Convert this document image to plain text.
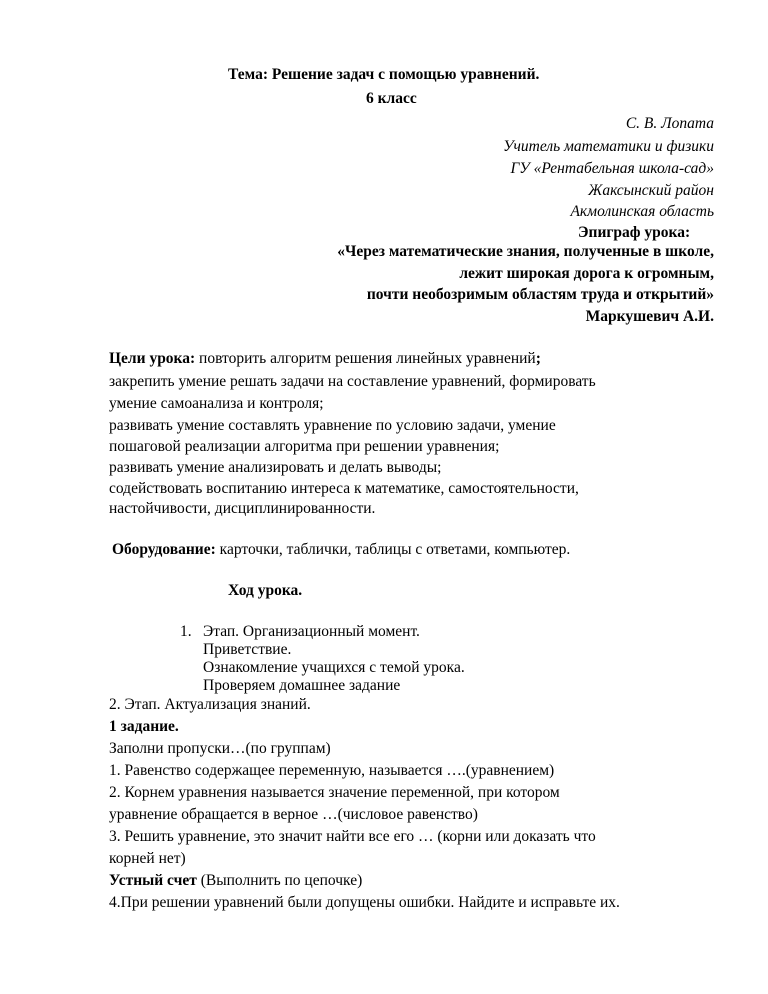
Тема: Решение задач с помощью уравнений.
6 класс
С. В. Лопата
Учитель математики и физики
ГУ «Рентабельная школа-сад»
Жаксынский район
Акмолинская область
Эпиграф урока:
«Через математические знания, полученные в школе,
лежит широкая дорога к огромным,
почти необозримым областям труда и открытий»
Маркушевич А.И.
Цели урока: повторить алгоритм решения линейных уравнений;
закрепить умение решать задачи на составление уравнений, формировать
умение самоанализа и контроля;
развивать умение составлять уравнение по условию задачи, умение
пошаговой реализации алгоритма при решении уравнения;
развивать умение анализировать и делать выводы;
содействовать воспитанию интереса к математике, самостоятельности,
настойчивости, дисциплинированности.
Оборудование: карточки, таблички, таблицы с ответами, компьютер.
Ход урока.
1. Этап. Организационный момент.
Приветствие.
Ознакомление учащихся с темой урока.
Проверяем домашнее задание
2. Этап. Актуализация знаний.
1 задание.
Заполни пропуски…(по группам)
1. Равенство содержащее переменную, называется ….(уравнением)
2. Корнем уравнения называется значение переменной, при котором
уравнение обращается в верное …(числовое равенство)
3. Решить уравнение, это значит найти все его … (корни или доказать что
корней нет)
Устный счет (Выполнить по цепочке)
4.При решении уравнений были допущены ошибки. Найдите и исправьте их.
